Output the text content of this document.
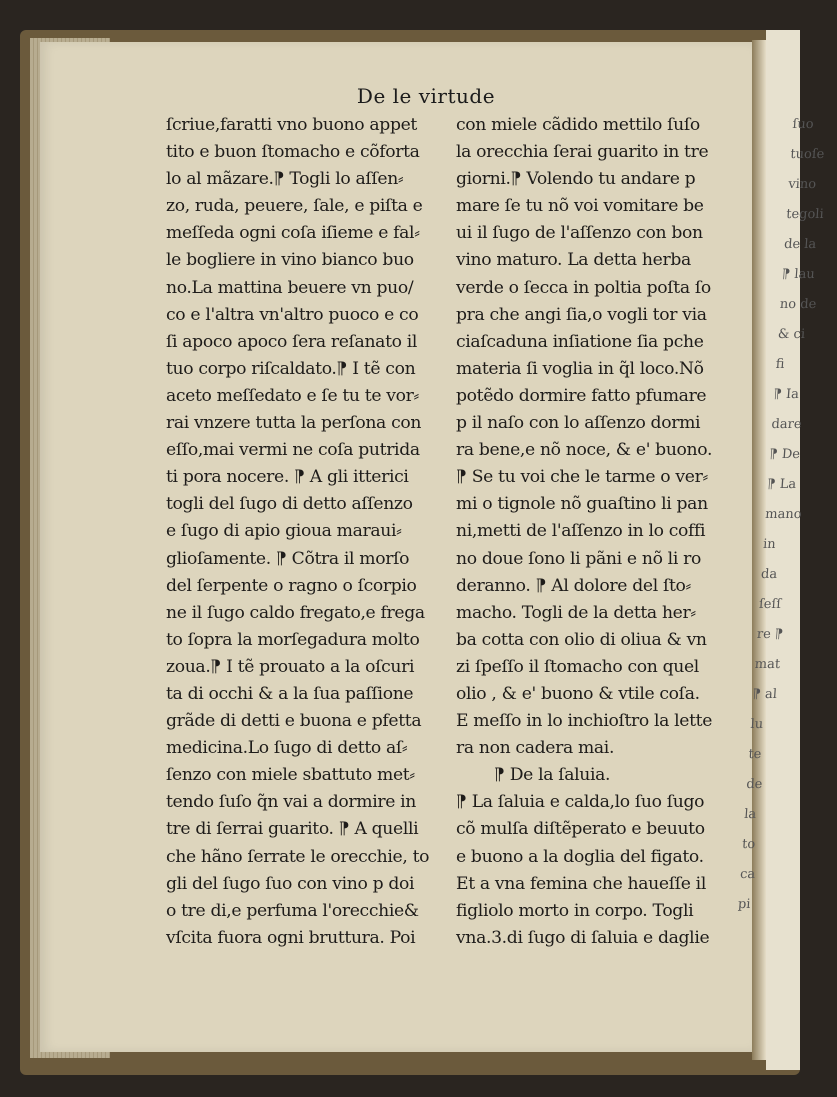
ſuo
tuoſe
vino
tegoli
de la
⁋ lau
no de
& ci
fi
⁋ Ia
dare
⁋ De
⁋ La
mano
in
da
ſeſſ
re ⁋
mat
⁋ al
lu
te
de
la
to
ca
pi
De le virtude
ſcriue,faratti vno buono appet
tito e buon ſtomacho e cõforta
lo al mãzare.⁋ Togli lo aſſen⸗
zo, ruda, peuere, ſale, e piſta e
meſſeda ogni coſa iſieme e fal⸗
le bogliere in vino bianco buo
no.La mattina beuere vn puo/
co e l'altra vn'altro puoco e co
ſi apoco apoco ſera reſanato il
tuo corpo riſcaldato.⁋ I tẽ con
aceto meſſedato e ſe tu te vor⸗
rai vnzere tutta la perſona con
eſſo,mai vermi ne coſa putrida
ti pora nocere. ⁋ A gli itterici
togli del ſugo di detto aſſenzo
e ſugo di apio gioua maraui⸗
glioſamente. ⁋ Cõtra il morſo
del ſerpente o ragno o ſcorpio
ne il ſugo caldo fregato,e frega
to ſopra la morſegadura molto
zoua.⁋ I tẽ prouato a la oſcuri
ta di occhi & a la ſua paſſione
grãde di detti e buona e pfetta
medicina.Lo ſugo di detto aſ⸗
ſenzo con miele sbattuto met⸗
tendo ſuſo q̃n vai a dormire in
tre di ſerrai guarito. ⁋ A quelli
che hãno ſerrate le orecchie, to
gli del ſugo ſuo con vino p doi
o tre di,e perfuma l'orecchie&
vſcita fuora ogni bruttura. Poi
con miele cãdido mettilo ſuſo
la orecchia ſerai guarito in tre
giorni.⁋ Volendo tu andare p
mare ſe tu nõ voi vomitare be
ui il ſugo de l'aſſenzo con bon
vino maturo. La detta herba
verde o ſecca in poltia poſta ſo
pra che angi ſia,o vogli tor via
ciaſcaduna inſiatione ſia pche
materia ſi voglia in q̃l loco.Nõ
potẽdo dormire fatto pfumare
p il naſo con lo aſſenzo dormi
ra bene,e nõ noce, & e' buono.
⁋ Se tu voi che le tarme o ver⸗
mi o tignole nõ guaſtino li pan
ni,metti de l'aſſenzo in lo coffi
no doue ſono li pãni e nõ li ro
deranno. ⁋ Al dolore del ſto⸗
macho. Togli de la detta her⸗
ba cotta con olio di oliua & vn
zi ſpeſſo il ſtomacho con quel
olio , & e' buono & vtile coſa.
E meſſo in lo inchioſtro la lette
ra non cadera mai.
⁋ De la ſaluia.
⁋ La ſaluia e calda,lo ſuo ſugo
cõ mulſa diſtẽperato e beuuto
e buono a la doglia del figato.
Et a vna femina che haueſſe il
figliolo morto in corpo. Togli
vna.3.di ſugo di ſaluia e daglie
